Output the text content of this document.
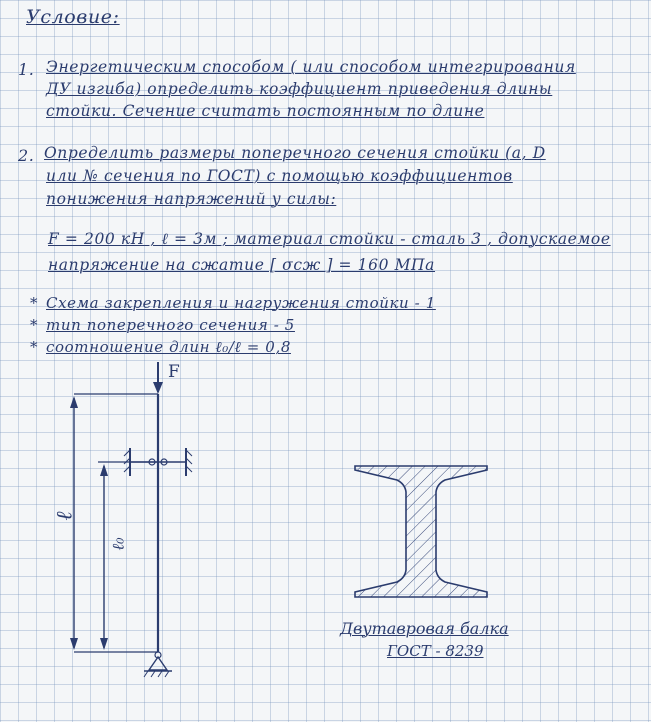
Условие:
1. Энергетическим способом ( или способом интегрирования
ДУ изгиба) определить коэффициент приведения длины
стойки. Сечение считать постоянным по длине
2. Определить размеры поперечного сечения стойки (a, D
или № сечения по ГОСТ) с помощью коэффициентов
понижения напряжений у силы:
F = 200 кН , ℓ = 3м ; материал стойки - сталь 3 , допускаемое
напряжение на сжатие [ σсж ] = 160 МПа
* Схема закрепления и нагружения стойки - 1
* тип поперечного сечения - 5
* соотношение длин ℓ₀/ℓ = 0,8
F
ℓ
ℓ₀
Двутавровая балка
ГОСТ - 8239
